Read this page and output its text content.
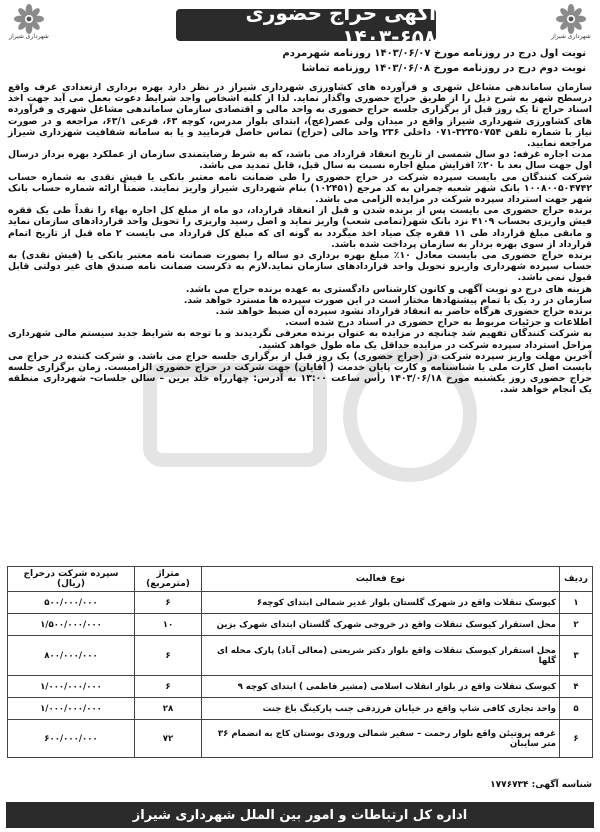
شهرداری شیراز
شهرداری شیراز
آگهی حراج حضوری ۶۵۸-۱۴۰۳
نوبت اول درج در روزنامه مورخ ۱۴۰۳/۰۶/۰۷ روزنامه شهرمردم
نوبت دوم درج در روزنامه مورخ ۱۴۰۳/۰۶/۰۸ روزنامه تماشا

سازمان ساماندهی مشاغل شهری و فرآورده های کشاورزی شهرداری شیراز در نظر دارد بهره برداری ازتعدادی غرف واقع درسطح شهر به شرح ذیل را از طریق حراج حضوری واگذار نماید. لذا از کلیه اشخاص واجد شرایط دعوت بعمل می آید جهت اخذ اسناد حراج تا یک روز قبل از برگزاری جلسه حراج حضوری به واحد مالی و اقتصادی سازمان ساماندهی مشاغل شهری و فرآورده های کشاورزی شهرداری شیراز واقع در میدان ولی عصر(عج)، ابتدای بلوار مدرس، کوچه ۶۳، فرعی ۶۳/۱، مراجعه و در صورت نیاز با شماره تلفن ۳۲۳۵۰۷۵۴-۰۷۱ داخلی ۲۳۶ واحد مالی (حراج) تماس حاصل فرمایید و یا به سامانه شفافیت شهرداری شیراز مراجعه نمایید.

مدت اجاره غرفه: دو سال شمسی از تاریخ انعقاد قرارداد می باشد، که به شرط رضایتمندی سازمان از عملکرد بهره بردار درسال اول جهت سال بعد با ۲۰٪ افزایش مبلغ اجاره نسبت به سال قبل، قابل تمدید می باشد.

شرکت کنندگان می بایست سپرده شرکت در حراج حضوری را طی ضمانت نامه معتبر بانکی یا فیش نقدی به شماره حساب ۱۰۰۸۰۰۵۰۴۷۴۲ بانک شهر شعبه چمران به کد مرجع (۱۰۲۴۵۱) بنام شهرداری شیراز واریز نمایند. ضمناً ارائه شماره حساب بانک شهر جهت استرداد سپرده شرکت در مزایده الزامی می باشد.

برنده حراج حضوری می بایست پس از برنده شدن و قبل از انعقاد قرارداد، دو ماه از مبلغ کل اجاره بهاء را نقداً طی یک فقره فیش واریزی بحساب ۴۱۰۹ نزد بانک شهر(تمامی شعب) واریز نماید و اصل رسید واریزی را تحویل واحد قراردادهای سازمان نماید و مابقی مبلغ قرارداد طی ۱۱ فقره چک صیاد اخذ میگردد به گونه ای که مبلغ کل قرارداد می بایست ۲ ماه قبل از تاریخ اتمام قرارداد از سوی بهره بردار به سازمان پرداخت شده باشد.

برنده حراج حضوری می بایست معادل ۱۰٪ مبلغ بهره برداری دو ساله را بصورت ضمانت نامه معتبر بانکی یا (فیش نقدی) به حساب سپرده شهرداری واریزو تحویل واحد قراردادهای سازمان نماید.لازم به ذکرست ضمانت نامه صندق های غیر دولتی قابل قبول نمی باشد.

هزینه های درج دو نوبت آگهی و کانون کارشناس دادگستری به عهده برنده حراج می باشد.

سازمان در رد یک یا تمام پیشنهادها مختار است در این صورت سپرده ها مسترد خواهد شد.

برنده حراج حضوری هرگاه حاضر به انعقاد قرارداد نشود سپرده آن ضبط خواهد شد.

اطلاعات و جزئیات مربوط به حراج حضوری در اسناد درج شده است.

به شرکت کنندگان تفهیم شد چنانچه در مزایده به عنوان برنده معرفی نگردیدند و با توجه به شرایط جدید سیستم مالی شهرداری مراحل استرداد سپرده شرکت در مزایده حداقل یک ماه طول خواهد کشید.

آخرین مهلت واریز سپرده شرکت در (حراج حضوری) یک روز قبل از برگزاری جلسه حراج می باشد. و شرکت کننده در حراج می بایست اصل کارت ملی یا شناسنامه و کارت پایان خدمت ( آقایان) جهت شرکت در حراج حضوری الزامیست. زمان برگزاری جلسه حراج حضوری روز یکشنبه مورخ ۱۴۰۳/۰۶/۱۸ رأس ساعت ۱۳:۰۰ به آدرس: چهارراه خلد برین – سالن جلسات- شهرداری منطقه یک انجام خواهد شد.

ردیف	نوع فعالیت	متراژ (مترمربع)	سپرده شرکت درحراج (ریال)
۱	کیوسک تنقلات واقع در شهرک گلستان بلوار غدیر شمالی ابتدای کوچه۶	۶	۵۰۰/۰۰۰/۰۰۰
۲	محل استقرار کیوسک تنقلات واقع در خروجی شهرک گلستان ابتدای شهرک بزین	۱۰	۱/۵۰۰/۰۰۰/۰۰۰
۳	محل استقرار کیوسک تنقلات واقع بلوار دکتر شریعتی (معالی آباد) پارک محله ای گلها	۶	۸۰۰/۰۰۰/۰۰۰
۴	کیوسک تنقلات واقع در بلوار انقلاب اسلامی (مشیر فاطمی ) ابتدای کوچه ۹	۶	۱/۰۰۰/۰۰۰/۰۰۰
۵	واحد تجاری کافی شاپ واقع در خیابان فرزدقی جنب پارکینگ باغ جنت	۲۸	۱/۰۰۰/۰۰۰/۰۰۰
۶	غرفه پروتیئن واقع بلوار رحمت – سفیر شمالی ورودی بوستان کاج به انضمام ۳۶ متر سایبان	۷۲	۶۰۰/۰۰۰/۰۰۰
شناسه آگهی: ۱۷۷۶۷۳۴
اداره کل ارتباطات و امور بین الملل شهرداری شیراز
